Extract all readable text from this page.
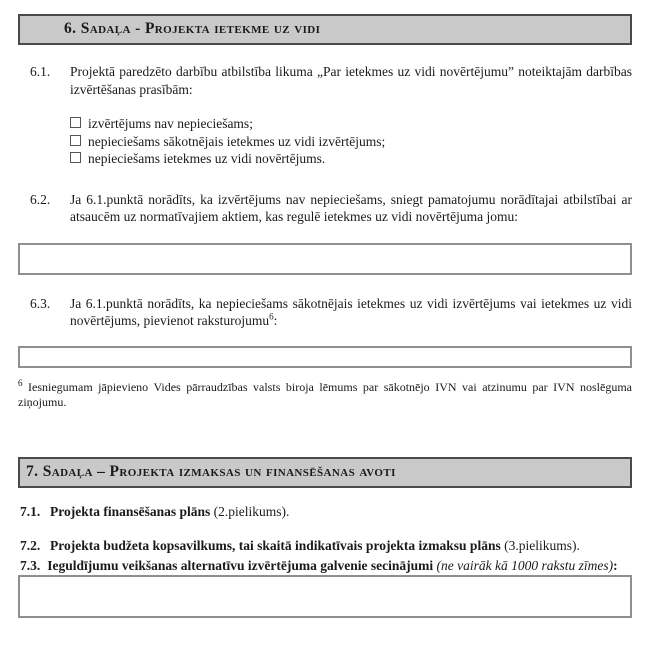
6. Sadaļa - Projekta ietekme uz vidi
6.1.	Projektā paredzēto darbību atbilstība likuma „Par ietekmes uz vidi novērtējumu” noteiktajām darbības izvērtēšanas prasībām:
izvērtējums nav nepieciešams;
nepieciešams sākotnējais ietekmes uz vidi izvērtējums;
nepieciešams ietekmes uz vidi novērtējums.
6.2.	Ja 6.1.punktā norādīts, ka izvērtējums nav nepieciešams, sniegt pamatojumu norādītajai atbilstībai ar atsaucēm uz normatīvajiem aktiem, kas regulē ietekmes uz vidi novērtējuma jomu:
6.3.	Ja 6.1.punktā norādīts, ka nepieciešams sākotnējais ietekmes uz vidi izvērtējums vai ietekmes uz vidi novērtējums, pievienot raksturojumu$^6$:
$^6$ Iesniegumam jāpievieno Vides pārraudzības valsts biroja lēmums par sākotnējo IVN vai atzinumu par IVN noslēguma ziņojumu.
7. Sadaļa – Projekta izmaksas un finansēšanas avoti
7.1. Projekta finansēšanas plāns (2.pielikums).
7.2. Projekta budžeta kopsavilkums, tai skaitā indikatīvais projekta izmaksu plāns (3.pielikums).
7.3. Ieguldījumu veikšanas alternatīvu izvērtējuma galvenie secinājumi (ne vairāk kā 1000 rakstu zīmes):
